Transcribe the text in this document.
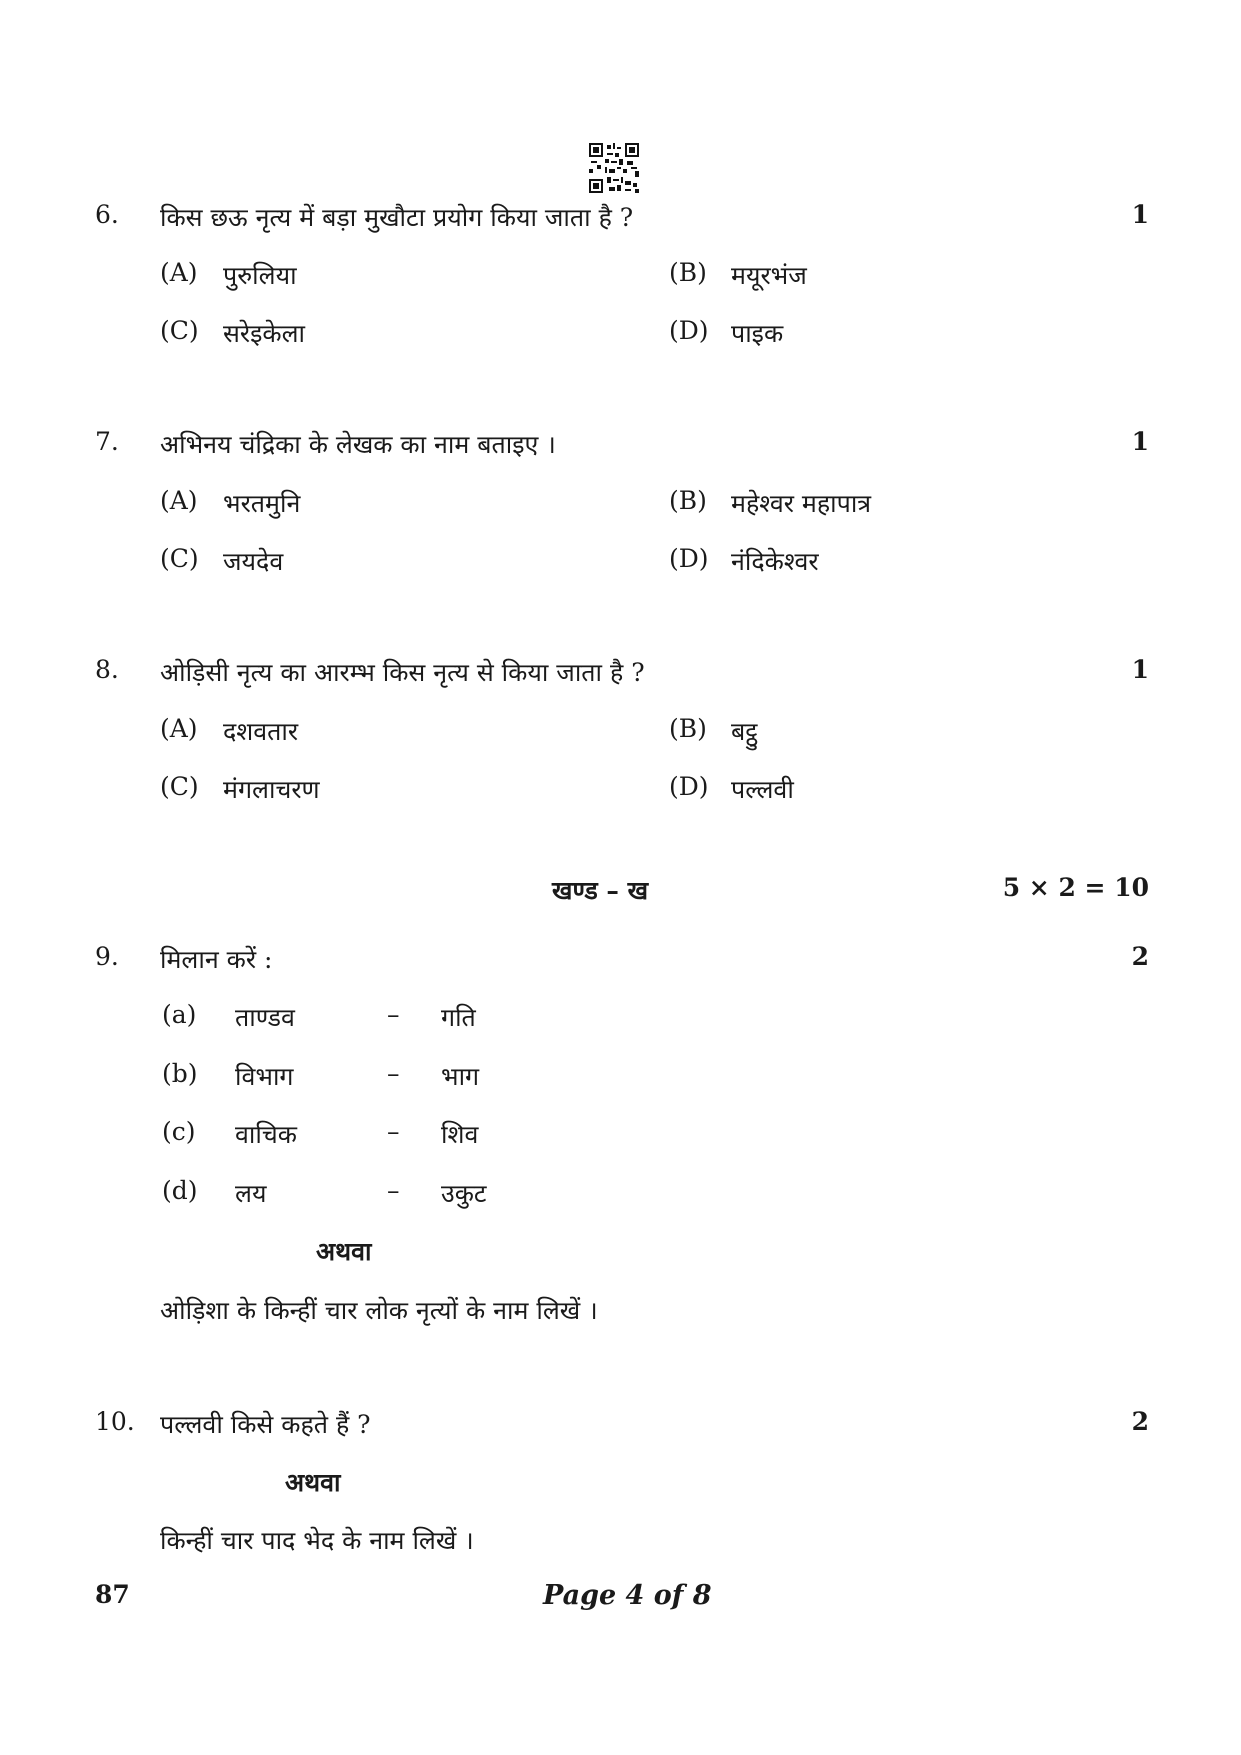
6. किस छऊ नृत्य में बड़ा मुखौटा प्रयोग किया जाता है ?	1
(A) पुरुलिया	(B) मयूरभंज
(C) सरेइकेला	(D) पाइक
7. अभिनय चंद्रिका के लेखक का नाम बताइए ।	1
(A) भरतमुनि	(B) महेश्वर महापात्र
(C) जयदेव	(D) नंदिकेश्वर
8. ओड़िसी नृत्य का आरम्भ किस नृत्य से किया जाता है ?	1
(A) दशवतार	(B) बट्ठु
(C) मंगलाचरण	(D) पल्लवी
खण्ड – ख	5 × 2 = 10
9. मिलान करें :	2
(a) ताण्डव	– गति
(b) विभाग	– भाग
(c) वाचिक	– शिव
(d) लय	– उकुट
अथवा
ओड़िशा के किन्हीं चार लोक नृत्यों के नाम लिखें ।
10. पल्लवी किसे कहते हैं ?	2
अथवा
किन्हीं चार पाद भेद के नाम लिखें ।
87	Page 4 of 8
